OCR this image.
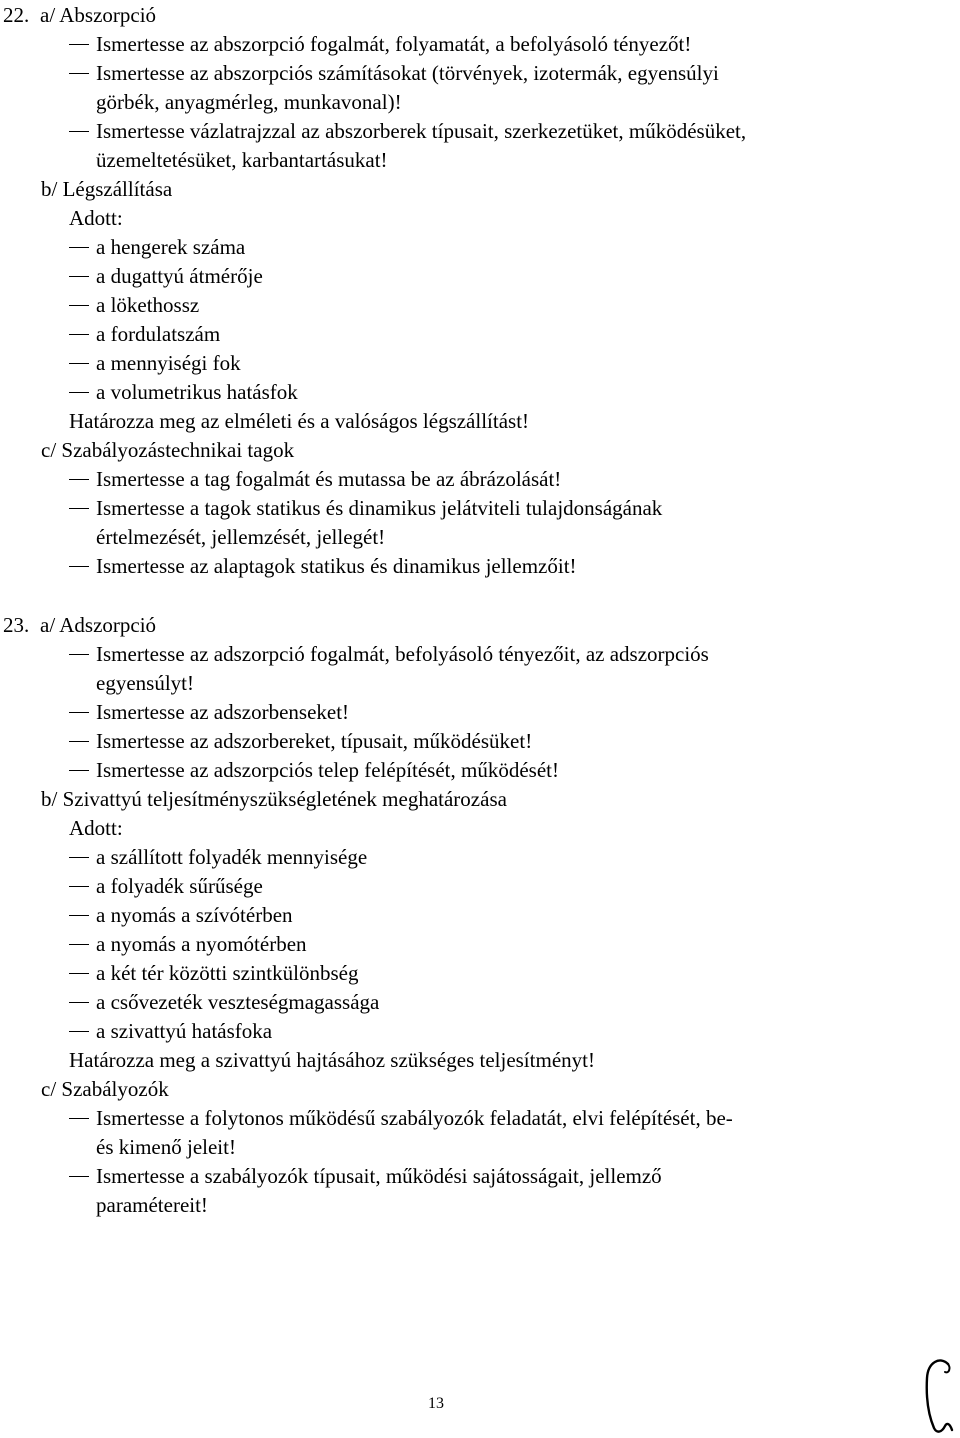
22. a/ Abszorpció
Ismertesse az abszorpció fogalmát, folyamatát, a befolyásoló tényezőt!
Ismertesse az abszorpciós számításokat (törvények, izotermák, egyensúlyi
görbék, anyagmérleg, munkavonal)!
Ismertesse vázlatrajzzal az abszorberek típusait, szerkezetüket, működésüket,
üzemeltetésüket, karbantartásukat!
b/ Légszállítása
Adott:
a hengerek száma
a dugattyú átmérője
a lökethossz
a fordulatszám
a mennyiségi fok
a volumetrikus hatásfok
Határozza meg az elméleti és a valóságos légszállítást!
c/ Szabályozástechnikai tagok
Ismertesse a tag fogalmát és mutassa be az ábrázolását!
Ismertesse a tagok statikus és dinamikus jelátviteli tulajdonságának
értelmezését, jellemzését, jellegét!
Ismertesse az alaptagok statikus és dinamikus jellemzőit!
23. a/ Adszorpció
Ismertesse az adszorpció fogalmát, befolyásoló tényezőit, az adszorpciós
egyensúlyt!
Ismertesse az adszorbenseket!
Ismertesse az adszorbereket, típusait, működésüket!
Ismertesse az adszorpciós telep felépítését, működését!
b/ Szivattyú teljesítményszükségletének meghatározása
Adott:
a szállított folyadék mennyisége
a folyadék sűrűsége
a nyomás a szívótérben
a nyomás a nyomótérben
a két tér közötti szintkülönbség
a csővezeték veszteségmagassága
a szivattyú hatásfoka
Határozza meg a szivattyú hajtásához szükséges teljesítményt!
c/ Szabályozók
Ismertesse a folytonos működésű szabályozók feladatát, elvi felépítését, be-
és kimenő jeleit!
Ismertesse a szabályozók típusait, működési sajátosságait, jellemző
paramétereit!
13
